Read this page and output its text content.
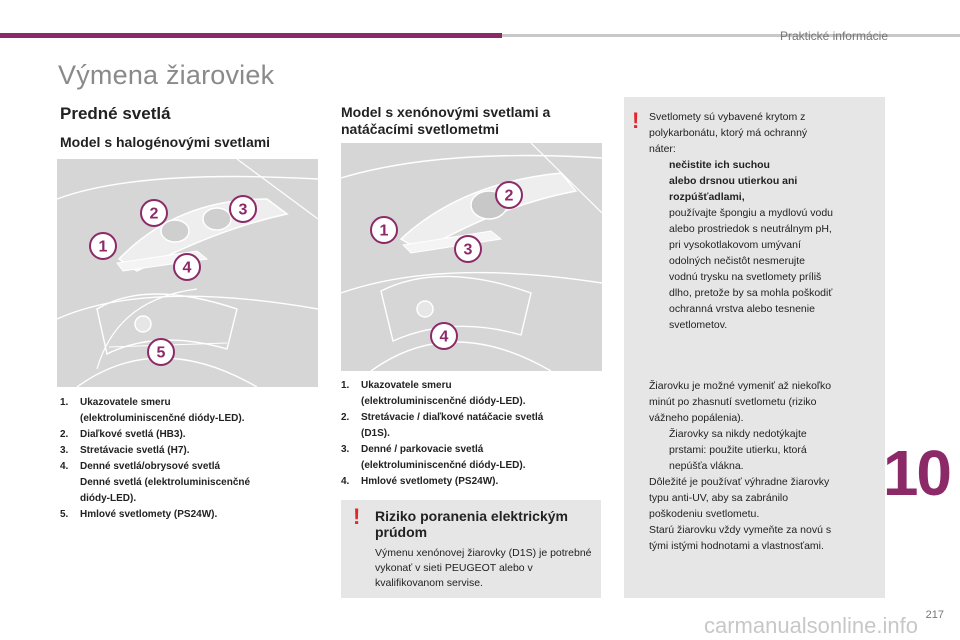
Praktické informácie
Výmena žiaroviek
Predné svetlá
Model s halogénovými svetlami
1
2	3
4
5
1.	Ukazovatele smeru
(elektroluminiscenčné diódy-LED).
2.	Diaľkové svetlá (HB3).
3.	Stretávacie svetlá (H7).
4.	Denné svetlá/obrysové svetlá
Denné svetlá (elektroluminiscenčné
diódy-LED).
5.	Hmlové svetlomety (PS24W).
Model s xenónovými svetlami a natáčacími svetlometmi
1
2
3
4
1.	Ukazovatele smeru
(elektroluminiscenčné diódy-LED).
2.	Stretávacie / diaľkové natáčacie svetlá
(D1S).
3.	Denné / parkovacie svetlá
(elektroluminiscenčné diódy-LED).
4.	Hmlové svetlomety (PS24W).
! Riziko poranenia elektrickým prúdom
Výmenu xenónovej žiarovky (D1S) je potrebné vykonať v sieti PEUGEOT alebo v kvalifikovanom servise.
! Svetlomety sú vybavené krytom z
polykarbonátu, ktorý má ochranný
náter:
nečistite ich suchou
alebo drsnou utierkou ani
rozpúšťadlami,
používajte špongiu a mydlovú vodu
alebo prostriedok s neutrálnym pH,
pri vysokotlakovom umývaní
odolných nečistôt nesmerujte
vodnú trysku na svetlomety príliš
dlho, pretože by sa mohla poškodiť
ochranná vrstva alebo tesnenie
svetlometov.
Žiarovku je možné vymeniť až niekoľko
minút po zhasnutí svetlometu (riziko
vážneho popálenia).
Žiarovky sa nikdy nedotýkajte
prstami: použite utierku, ktorá
nepúšťa vlákna.
Dôležité je používať výhradne žiarovky
typu anti-UV, aby sa zabránilo
poškodeniu svetlometu.
Starú žiarovku vždy vymeňte za novú s
tými istými hodnotami a vlastnosťami.
10
217
carmanualsonline.info
